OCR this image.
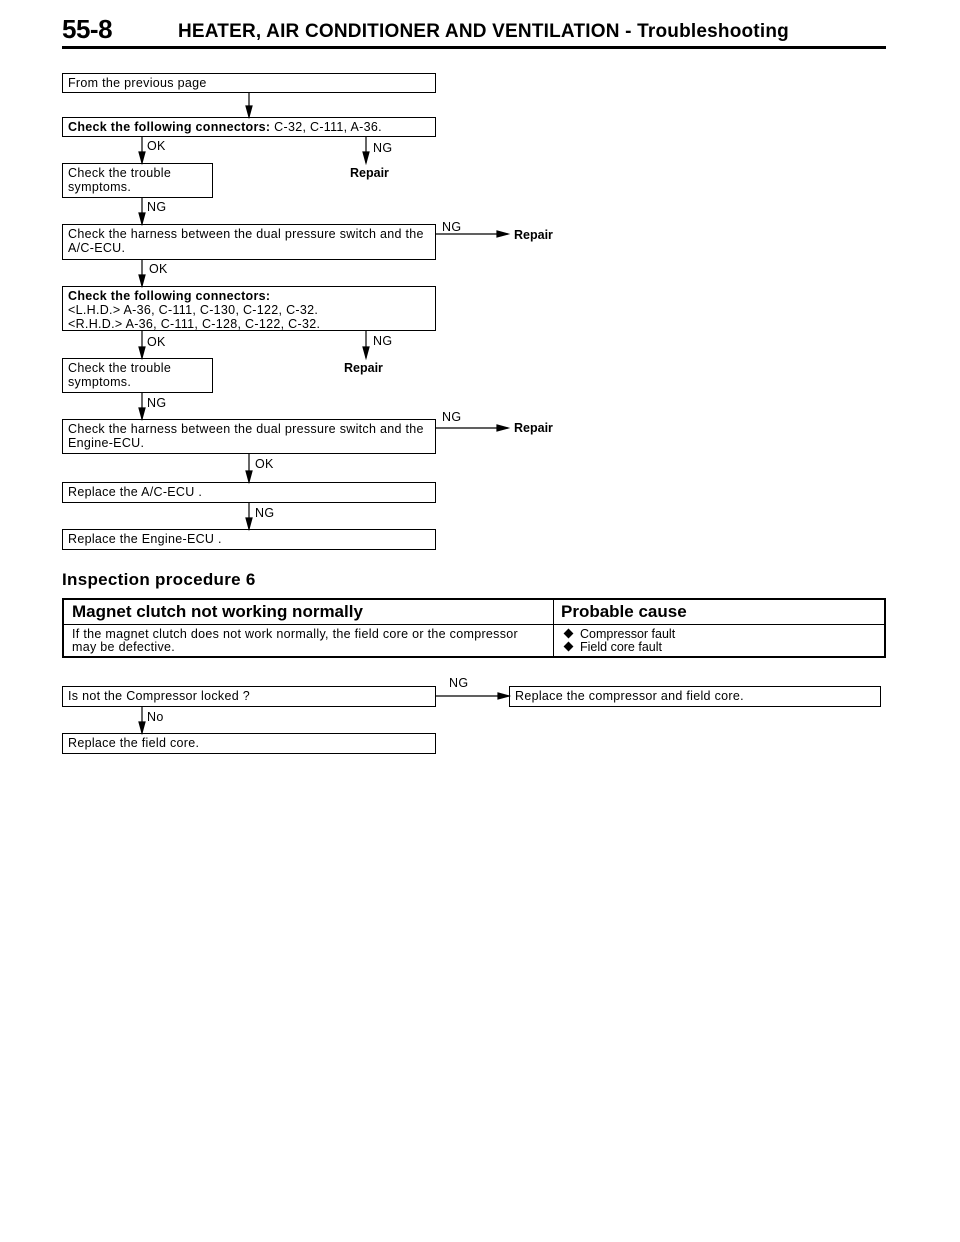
55-8	HEATER, AIR CONDITIONER AND VENTILATION - Troubleshooting
From the previous page
Check the following connectors: C-32, C-111, A-36.
OK	NG
Check the trouble
symptoms.
Repair
NG
Check the harness between the dual pressure switch and the
A/C-ECU.
NG
Repair
OK
Check the following connectors:
<L.H.D.> A-36, C-111, C-130, C-122, C-32.
<R.H.D.> A-36, C-111, C-128, C-122, C-32.
OK	NG
Check the trouble
symptoms.
Repair
NG
Check the harness between the dual pressure switch and the
Engine-ECU.
NG
Repair
OK
Replace the A/C-ECU .
NG
Replace the Engine-ECU .
Inspection procedure 6
Magnet clutch not working normally	Probable cause
If the magnet clutch does not work normally, the field core or the compressor may be defective.
Compressor fault
Field core fault
NG
Is not the Compressor locked ?	Replace the compressor and field core.
No
Replace the field core.
